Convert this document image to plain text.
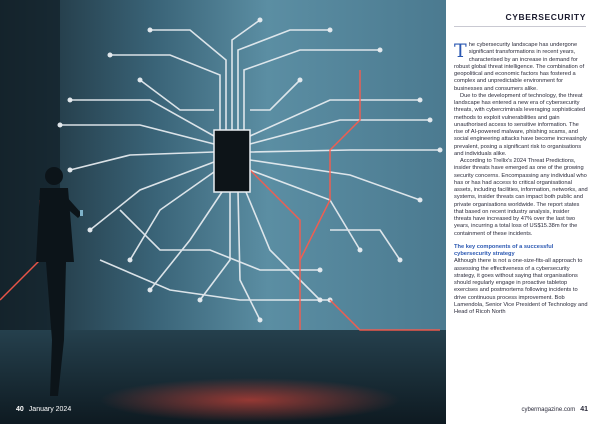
40 January 2024
CYBERSECURITY

The cybersecurity landscape has undergone significant transformations in recent years, characterised by an increase in demand for robust global threat intelligence. The combination of geopolitical and economic factors has fostered a complex and unpredictable environment for businesses and consumers alike.

Due to the development of technology, the threat landscape has entered a new era of cybersecurity threats, with cybercriminals leveraging sophisticated methods to exploit vulnerabilities and gain unauthorised access to sensitive information. The rise of AI-powered malware, phishing scams, and social engineering attacks have become increasingly prevalent, posing a significant risk to organisations and individuals alike.

According to Trellix's 2024 Threat Predictions, insider threats have emerged as one of the growing security concerns. Encompassing any individual who has or has had access to critical organisational assets, including facilities, information, networks, and systems, insider threats can impact both public and private organisations worldwide. The report states that based on recent industry analysis, insider threats have increased by 47% over the last two years, incurring a total loss of US$15.38m for the containment of these incidents.

The key components of a successful cybersecurity strategy

Although there is not a one-size-fits-all approach to assessing the effectiveness of a cybersecurity strategy, it goes without saying that organisations should regularly engage in proactive tabletop exercises and postmortems following incidents to drive continuous process improvement. Bob Lamendola, Senior Vice President of Technology and Head of Ricoh North

cybermagazine.com 41
